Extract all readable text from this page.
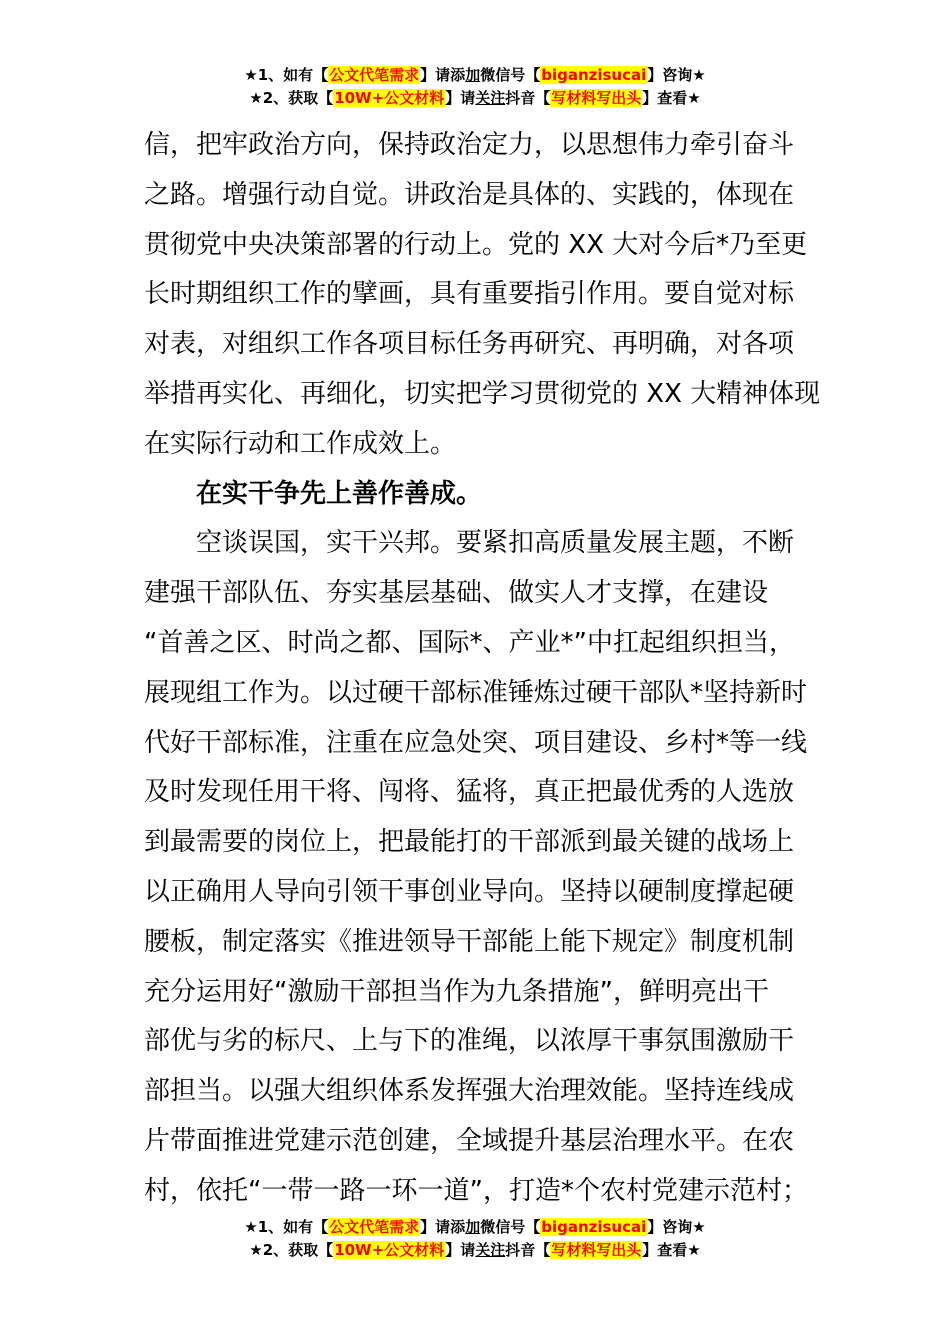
★1、如有【公文代笔需求】请添加微信号【biganzisucai】咨询★
★2、获取【10W+公文材料】请关注抖音【写材料写出头】查看★

信，把牢政治方向，保持政治定力，以思想伟力牵引奋斗
之路。增强行动自觉。讲政治是具体的、实践的，体现在
贯彻党中央决策部署的行动上。党的 XX 大对今后*乃至更
长时期组织工作的擘画，具有重要指引作用。要自觉对标
对表，对组织工作各项目标任务再研究、再明确，对各项
举措再实化、再细化，切实把学习贯彻党的 XX 大精神体现
在实际行动和工作成效上。

在实干争先上善作善成。

空谈误国，实干兴邦。要紧扣高质量发展主题，不断
建强干部队伍、夯实基层基础、做实人才支撑，在建设
“首善之区、时尚之都、国际*、产业*”中扛起组织担当，
展现组工作为。以过硬干部标准锤炼过硬干部队*坚持新时
代好干部标准，注重在应急处突、项目建设、乡村*等一线
及时发现任用干将、闯将、猛将，真正把最优秀的人选放
到最需要的岗位上，把最能打的干部派到最关键的战场上
以正确用人导向引领干事创业导向。坚持以硬制度撑起硬
腰板，制定落实《推进领导干部能上能下规定》制度机制
充分运用好“激励干部担当作为九条措施”，鲜明亮出干
部优与劣的标尺、上与下的准绳，以浓厚干事氛围激励干
部担当。以强大组织体系发挥强大治理效能。坚持连线成
片带面推进党建示范创建，全域提升基层治理水平。在农
村，依托“一带一路一环一道”，打造*个农村党建示范村；

★1、如有【公文代笔需求】请添加微信号【biganzisucai】咨询★
★2、获取【10W+公文材料】请关注抖音【写材料写出头】查看★
